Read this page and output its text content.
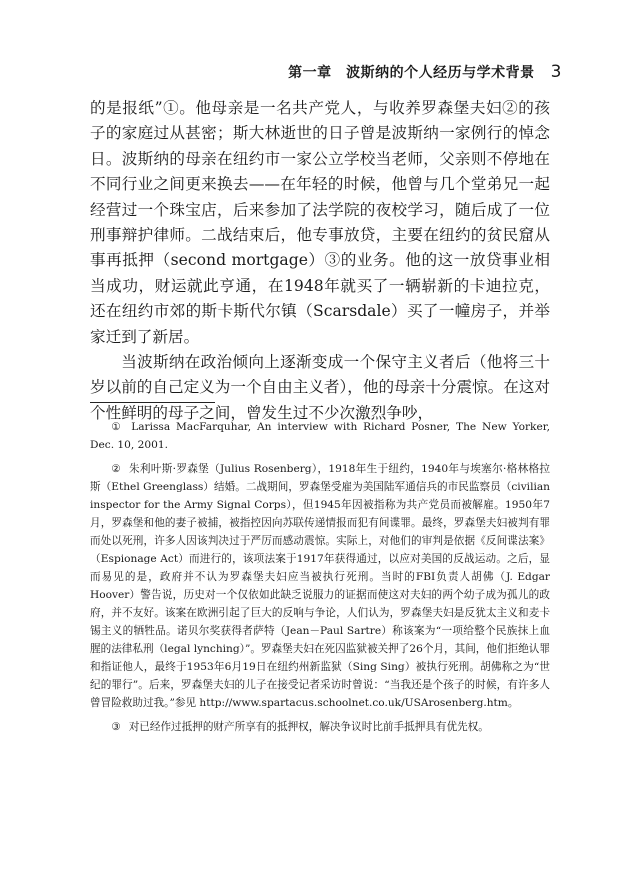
第一章　波斯纳的个人经历与学术背景 3

的是报纸”①。他母亲是一名共产党人，与收养罗森堡夫妇②的孩子的家庭过从甚密；斯大林逝世的日子曾是波斯纳一家例行的悼念日。波斯纳的母亲在纽约市一家公立学校当老师，父亲则不停地在不同行业之间更来换去——在年轻的时候，他曾与几个堂弟兄一起经营过一个珠宝店，后来参加了法学院的夜校学习，随后成了一位刑事辩护律师。二战结束后，他专事放贷，主要在纽约的贫民窟从事再抵押（second mortgage）③的业务。他的这一放贷事业相当成功，财运就此亨通，在1948年就买了一辆崭新的卡迪拉克，还在纽约市郊的斯卡斯代尔镇（Scarsdale）买了一幢房子，并举家迁到了新居。

当波斯纳在政治倾向上逐渐变成一个保守主义者后（他将三十岁以前的自己定义为一个自由主义者），他的母亲十分震惊。在这对个性鲜明的母子之间，曾发生过不少次激烈争吵，

① Larissa MacFarquhar, An interview with Richard Posner, The New Yorker, Dec. 10, 2001.

② 朱利叶斯·罗森堡（Julius Rosenberg），1918年生于纽约，1940年与埃塞尔·格林格拉斯（Ethel Greenglass）结婚。二战期间，罗森堡受雇为美国陆军通信兵的市民监察员（civilian inspector for the Army Signal Corps），但1945年因被指称为共产党员而被解雇。1950年7月，罗森堡和他的妻子被捕，被指控因向苏联传递情报而犯有间谍罪。最终，罗森堡夫妇被判有罪而处以死刑，许多人因该判决过于严厉而感动震惊。实际上，对他们的审判是依据《反间谍法案》（Espionage Act）而进行的，该项法案于1917年获得通过，以应对美国的反战运动。之后，显而易见的是，政府并不认为罗森堡夫妇应当被执行死刑。当时的FBI负责人胡佛（J. Edgar Hoover）警告说，历史对一个仅依如此缺乏说服力的证据而使这对夫妇的两个幼子成为孤儿的政府，并不友好。该案在欧洲引起了巨大的反响与争论，人们认为，罗森堡夫妇是反犹太主义和麦卡锡主义的牺牲品。诺贝尔奖获得者萨特（Jean－Paul Sartre）称该案为“一项给整个民族抹上血腥的法律私刑（legal lynching）”。罗森堡夫妇在死囚监狱被关押了26个月，其间，他们拒绝认罪和指证他人，最终于1953年6月19日在纽约州新监狱（Sing Sing）被执行死刑。胡佛称之为“世纪的罪行”。后来，罗森堡夫妇的儿子在接受记者采访时曾说：“当我还是个孩子的时候，有许多人曾冒险救助过我。”参见 http://www.spartacus.schoolnet.co.uk/USArosenberg.htm。

③ 对已经作过抵押的财产所享有的抵押权，解决争议时比前手抵押具有优先权。
